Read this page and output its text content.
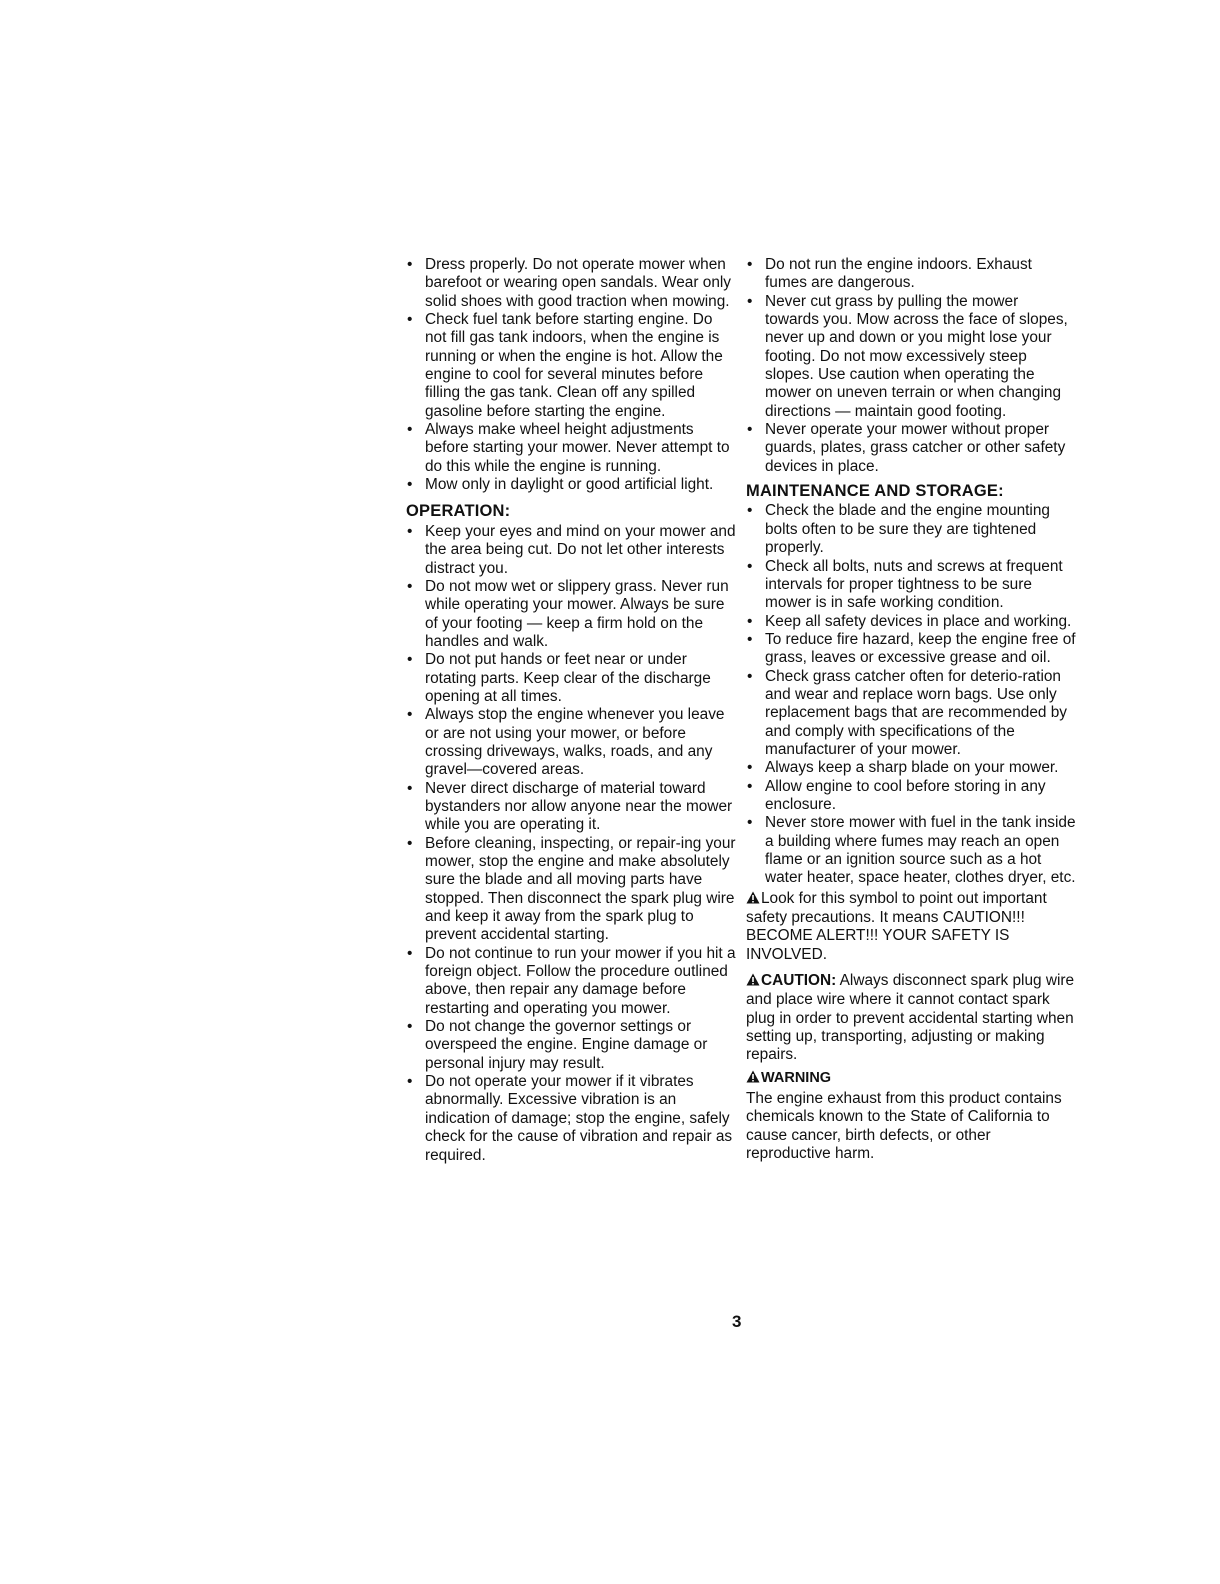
• Dress properly. Do not operate mower when barefoot or wearing open sandals. Wear only solid shoes with good traction when mowing.
• Check fuel tank before starting engine. Do not fill gas tank indoors, when the engine is running or when the engine is hot. Allow the engine to cool for several minutes before filling the gas tank. Clean off any spilled gasoline before starting the engine.
• Always make wheel height adjustments before starting your mower. Never attempt to do this while the engine is running.
• Mow only in daylight or good artificial light.
OPERATION:
• Keep your eyes and mind on your mower and the area being cut. Do not let other interests distract you.
• Do not mow wet or slippery grass. Never run while operating your mower. Always be sure of your footing — keep a firm hold on the handles and walk.
• Do not put hands or feet near or under rotating parts. Keep clear of the discharge opening at all times.
• Always stop the engine whenever you leave or are not using your mower, or before crossing driveways, walks, roads, and any gravel—covered areas.
• Never direct discharge of material toward bystanders nor allow anyone near the mower while you are operating it.
• Before cleaning, inspecting, or repair-ing your mower, stop the engine and make absolutely sure the blade and all moving parts have stopped. Then disconnect the spark plug wire and keep it away from the spark plug to prevent accidental starting.
• Do not continue to run your mower if you hit a foreign object. Follow the procedure outlined above, then repair any damage before restarting and operating you mower.
• Do not change the governor settings or overspeed the engine. Engine damage or personal injury may result.
• Do not operate your mower if it vibrates abnormally. Excessive vibration is an indication of damage; stop the engine, safely check for the cause of vibration and repair as required.
• Do not run the engine indoors. Exhaust fumes are dangerous.
• Never cut grass by pulling the mower towards you. Mow across the face of slopes, never up and down or you might lose your footing. Do not mow excessively steep slopes. Use caution when operating the mower on uneven terrain or when changing directions — maintain good footing.
• Never operate your mower without proper guards, plates, grass catcher or other safety devices in place.
MAINTENANCE AND STORAGE:
• Check the blade and the engine mounting bolts often to be sure they are tightened properly.
• Check all bolts, nuts and screws at frequent intervals for proper tightness to be sure mower is in safe working condition.
• Keep all safety devices in place and working.
• To reduce fire hazard, keep the engine free of grass, leaves or excessive grease and oil.
• Check grass catcher often for deterio-ration and wear and replace worn bags. Use only replacement bags that are recommended by and comply with specifications of the manufacturer of your mower.
• Always keep a sharp blade on your mower.
• Allow engine to cool before storing in any enclosure.
• Never store mower with fuel in the tank inside a building where fumes may reach an open flame or an ignition source such as a hot water heater, space heater, clothes dryer, etc.

Look for this symbol to point out important safety precautions. It means CAUTION!!! BECOME ALERT!!! YOUR SAFETY IS INVOLVED.

CAUTION: Always disconnect spark plug wire and place wire where it cannot contact spark plug in order to prevent accidental starting when setting up, transporting, adjusting or making repairs.

WARNING

The engine exhaust from this product contains chemicals known to the State of California to cause cancer, birth defects, or other reproductive harm.

3
